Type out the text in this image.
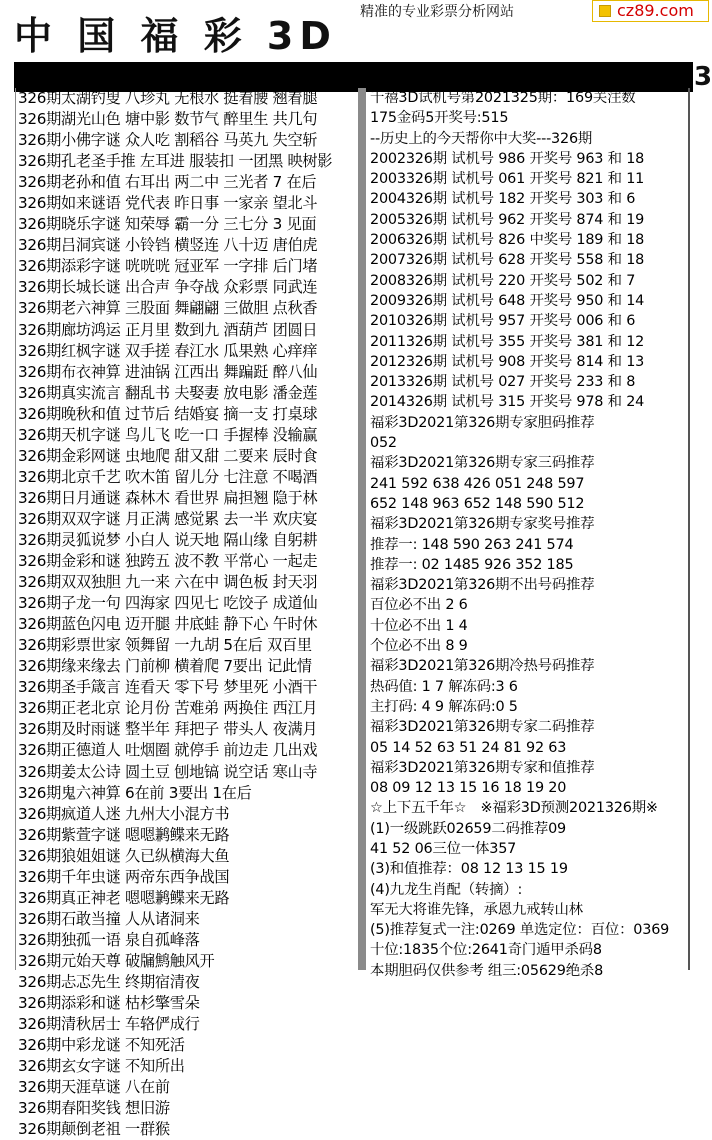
中 国 福 彩 3D
精准的专业彩票分析网站	cz89.com
3
326期太湖钓叟 八珍丸 无根水 挺着腰 翘着腿
326期湖光山色 塘中影 数节气 醉里生 共几句
326期小佛字谜 众人吃 割稻谷 马英九 失空斩
326期孔老圣手推 左耳进 服装扣 一团黑 映树影
326期老孙和值 右耳出 两二中 三光者 7 在后
326期如来谜语 党代表 昨日事 一家亲 望北斗
326期晓乐字谜 知荣辱 霸一分 三七分 3 见面
326期吕洞宾谜 小铃铛 横竖连 八十迈 唐伯虎
326期添彩字谜 咣咣咣 冠亚军 一字排 后门堵
326期长城长谜 出合声 争夺战 众彩票 同武连
326期老六神算 三股面 舞翩翩 三做胆 点秋香
326期廊坊鸿运 正月里 数到九 酒葫芦 团圆日
326期红枫字谜 双手搓 春江水 瓜果熟 心痒痒
326期布衣神算 进油锅 江西出 舞蹁跹 醉八仙
326期真实流言 翻乱书 夫娶妻 放电影 潘金莲
326期晚秋和值 过节后 结婚宴 摘一支 打桌球
326期天机字谜 鸟儿飞 吃一口 手握棒 没输赢
326期金彩网谜 虫地爬 甜又甜 二要来 辰时食
326期北京千艺 吹木笛 留儿分 七注意 不喝酒
326期日月通谜 森林木 看世界 扁担翘 隐于林
326期双双字谜 月正满 感觉累 去一半 欢庆宴
326期灵狐说梦 小白人 说天地 隔山缘 自躬耕
326期金彩和谜 独跨五 波不教 平常心 一起走
326期双双独胆 九一来 六在中 调色板 封天羽
326期子龙一句 四海家 四见七 吃饺子 成道仙
326期蓝色闪电 迈开腿 井底蛙 静下心 午时休
326期彩票世家 领舞留 一九胡 5在后 双百里
326期缘来缘去 门前柳 横着爬 7要出 记此情
326期圣手箴言 连看天 零下号 梦里死 小酒干
326期正老北京 论月份 苦难弟 两换住 西江月
326期及时雨谜 整半年 拜把子 带头人 夜满月
326期正德道人 吐烟圈 就停手 前边走 几出戏
326期姜太公诗 圆土豆 刨地镐 说空话 寒山寺
326期鬼六神算 6在前 3要出 1在后
326期疯道人迷 九州大小混方书
326期紫萱字谜 嗯嗯鹣鲽来无路
326期狼姐姐谜 久已纵横海大鱼
326期千年虫谜 两帝东西争战国
326期真正神老 嗯嗯鹣鲽来无路
326期石敢当撞 人从诸洞来
326期独孤一语 泉自孤峰落
326期元始天尊 破牖鹪触风开
326期忐忑先生 终期宿清夜
326期添彩和谜 枯杉擎雪朵
326期清秋居士 车辂俨成行
326期中彩龙谜 不知死活
326期玄女字谜 不知所出
326期天涯草谜 八在前
326期春阳奖钱 想旧游
326期颠倒老祖 一群猴
千禧3D试机号第2021325期：169关注数
175金码5开奖号:515
--历史上的今天帮你中大奖---326期
2002326期 试机号 986 开奖号 963 和 18
2003326期 试机号 061 开奖号 821 和 11
2004326期 试机号 182 开奖号 303 和 6
2005326期 试机号 962 开奖号 874 和 19
2006326期 试机号 826 中奖号 189 和 18
2007326期 试机号 628 开奖号 558 和 18
2008326期 试机号 220 开奖号 502 和 7
2009326期 试机号 648 开奖号 950 和 14
2010326期 试机号 957 开奖号 006 和 6
2011326期 试机号 355 开奖号 381 和 12
2012326期 试机号 908 开奖号 814 和 13
2013326期 试机号 027 开奖号 233 和 8
2014326期 试机号 315 开奖号 978 和 24
福彩3D2021第326期专家胆码推荐
052
福彩3D2021第326期专家三码推荐
241 592 638 426 051 248 597
652 148 963 652 148 590 512
福彩3D2021第326期专家奖号推荐
推荐一: 148 590 263 241 574
推荐一: 02 1485 926 352 185
福彩3D2021第326期不出号码推荐
百位必不出 2 6
十位必不出 1 4
个位必不出 8 9
福彩3D2021第326期冷热号码推荐
热码值: 1 7 解冻码:3 6
主打码: 4 9 解冻码:0 5
福彩3D2021第326期专家二码推荐
05 14 52 63 51 24 81 92 63
福彩3D2021第326期专家和值推荐
08 09 12 13 15 16 18 19 20
☆上下五千年☆　※福彩3D预测2021326期※
(1)一级跳跃02659二码推荐09
41 52 06三位一体357
(3)和值推荐：08 12 13 15 19
(4)九龙生肖配（转摘）:
军无大将谁先锋，承恩九戒转山林
(5)推荐复式一注:0269 单选定位：百位：0369
十位:1835个位:2641奇门遁甲杀码8
本期胆码仅供参考 组三:05629绝杀8
